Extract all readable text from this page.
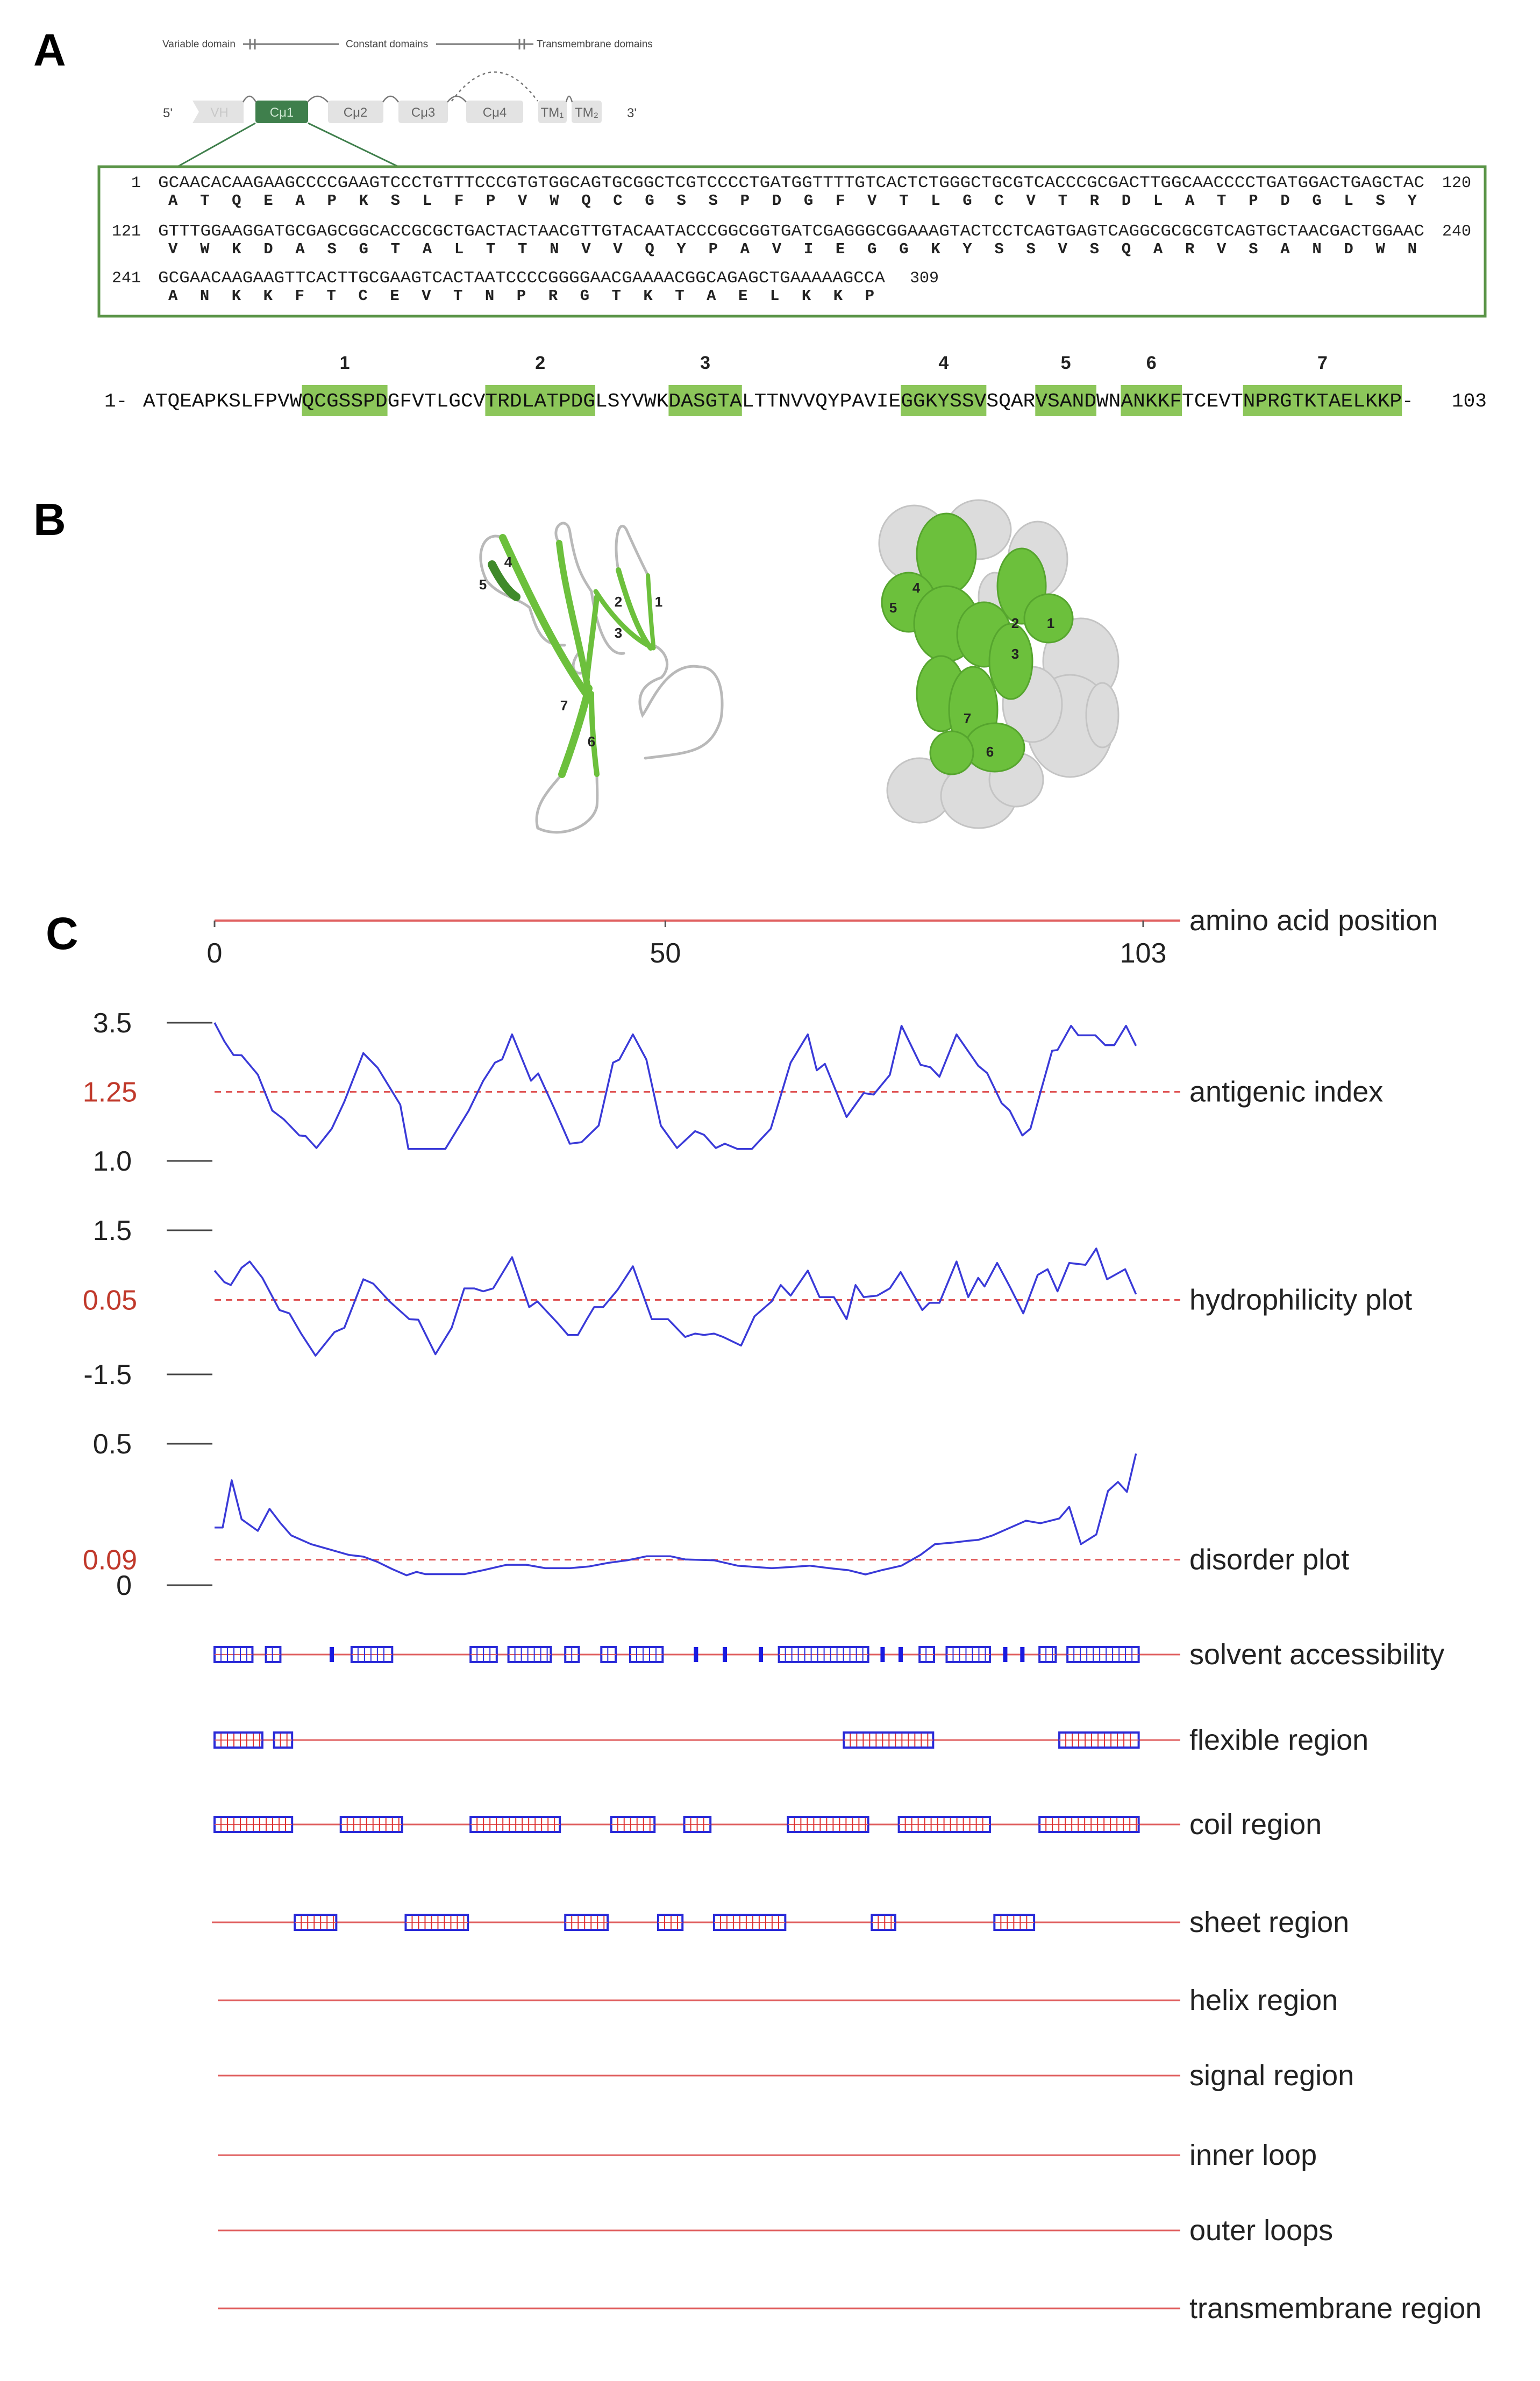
A	Variable domain	Constant domains	Transmembrane domains
5'	VH	Cμ1	Cμ2	Cμ3	Cμ4	TM₁ TM₂ 3'
1 GCAACACAAGAAGCCCCGAAGTCCCTGTTTCCCGTGTGGCAGTGCGGCTCGTCCCCTGATGGTTTTGTCACTCTGGGCTGCGTCACCCGCGACTTGGCAACCCCTGATGGACTGAGCTAC 120
A T Q E A P K S L F P V W Q C G S S P D G F V T L G C V T R D L A T P D G L S Y
121 GTTTGGAAGGATGCGAGCGGCACCGCGCTGACTACTAACGTTGTACAATACCCGGCGGTGATCGAGGGCGGAAAGTACTCCTCAGTGAGTCAGGCGCGCGTCAGTGCTAACGACTGGAAC 240
V W K D A S G T A L T T N V V Q Y P A V I E G G K Y S S V S Q A R V S A N D W N
241 GCGAACAAGAAGTTCACTTGCGAAGTCACTAATCCCCGGGGAACGAAAACGGCAGAGCTGAAAAAGCCA 309
A N K K F T C E V T N P R G T K T A E L K K P
1- ATQEAPKSLFPVW
1
QCGSSPD GFVTLGCV
2
TRDLATPDG LSYVWK
3
DASGTA LTTNVVQYPAVIE
4
GGKYSSV SQAR
5
VSAND WN
6
ANKKF TCEVT
7
NPRGTKTAELKKP - 103
B
1
2
3
4
5
6
7
1
2
3
4
5
6
7
C	0	50	103
amino acid position
3.5
1.0
1.25	antigenic index
1.5
-1.5
0.05	hydrophilicity plot
0.5
0
0.09	disorder plot
solvent accessibility
flexible region
coil region
sheet region
helix region
signal region
inner loop
outer loops
transmembrane region
